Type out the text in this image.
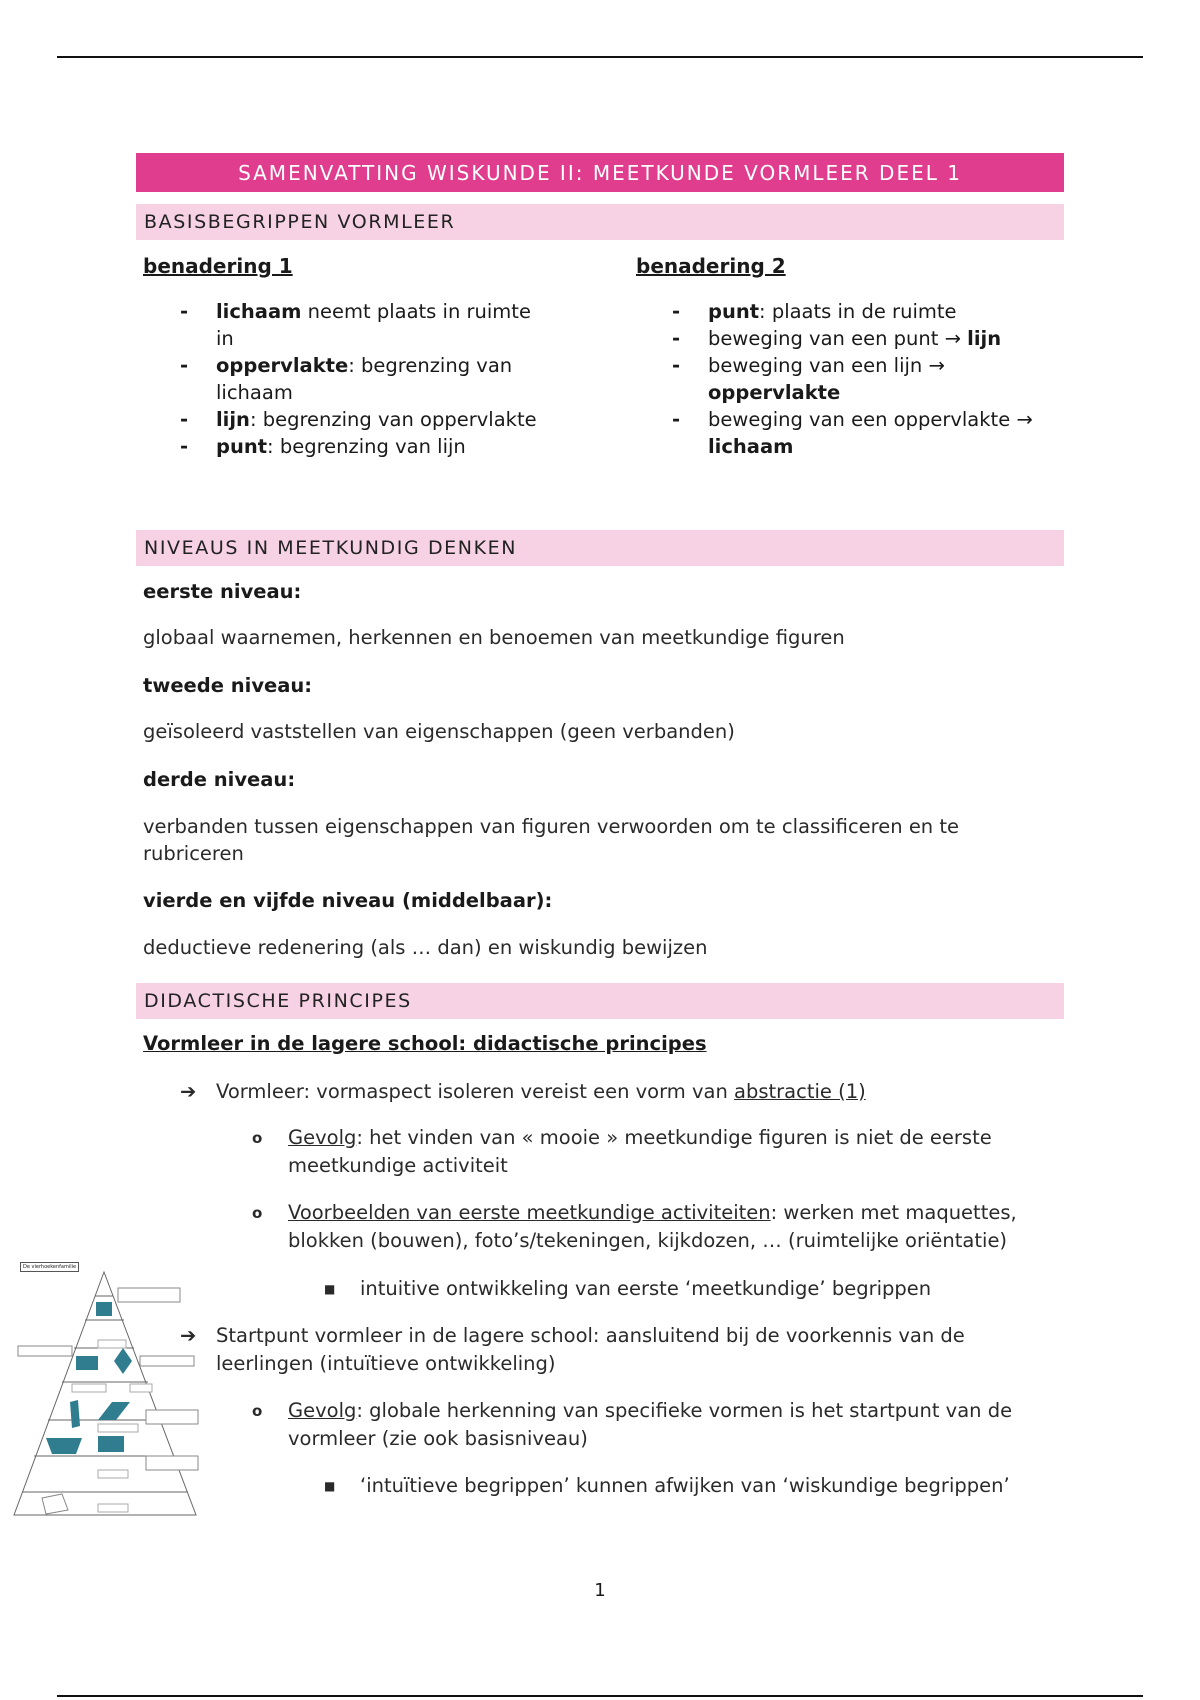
SAMENVATTING WISKUNDE II: MEETKUNDE VORMLEER DEEL 1
BASISBEGRIPPEN VORMLEER
benadering 1
- lichaam neemt plaats in ruimte
in
- oppervlakte: begrenzing van
lichaam
- lijn: begrenzing van oppervlakte
- punt: begrenzing van lijn
benadering 2
- punt: plaats in de ruimte
- beweging van een punt → lijn
- beweging van een lijn →
oppervlakte
- beweging van een oppervlakte →
lichaam
NIVEAUS IN MEETKUNDIG DENKEN
eerste niveau:
globaal waarnemen, herkennen en benoemen van meetkundige figuren
tweede niveau:
geïsoleerd vaststellen van eigenschappen (geen verbanden)
derde niveau:
verbanden tussen eigenschappen van figuren verwoorden om te classificeren en te
rubriceren
vierde en vijfde niveau (middelbaar):
deductieve redenering (als … dan) en wiskundig bewijzen
DIDACTISCHE PRINCIPES
Vormleer in de lagere school: didactische principes
➔ Vormleer: vormaspect isoleren vereist een vorm van abstractie (1)
o	Gevolg: het vinden van « mooie » meetkundige figuren is niet de eerste
meetkundige activiteit
o	Voorbeelden van eerste meetkundige activiteiten: werken met maquettes,
blokken (bouwen), foto’s/tekeningen, kijkdozen, … (ruimtelijke oriëntatie)
■ intuitive ontwikkeling van eerste ‘meetkundige’ begrippen
➔	Startpunt vormleer in de lagere school: aansluitend bij de voorkennis van de
leerlingen (intuïtieve ontwikkeling)
o	Gevolg: globale herkenning van specifieke vormen is het startpunt van de
vormleer (zie ook basisniveau)
■ ‘intuïtieve begrippen’ kunnen afwijken van ‘wiskundige begrippen’
De vierhoekenfamilie
1
